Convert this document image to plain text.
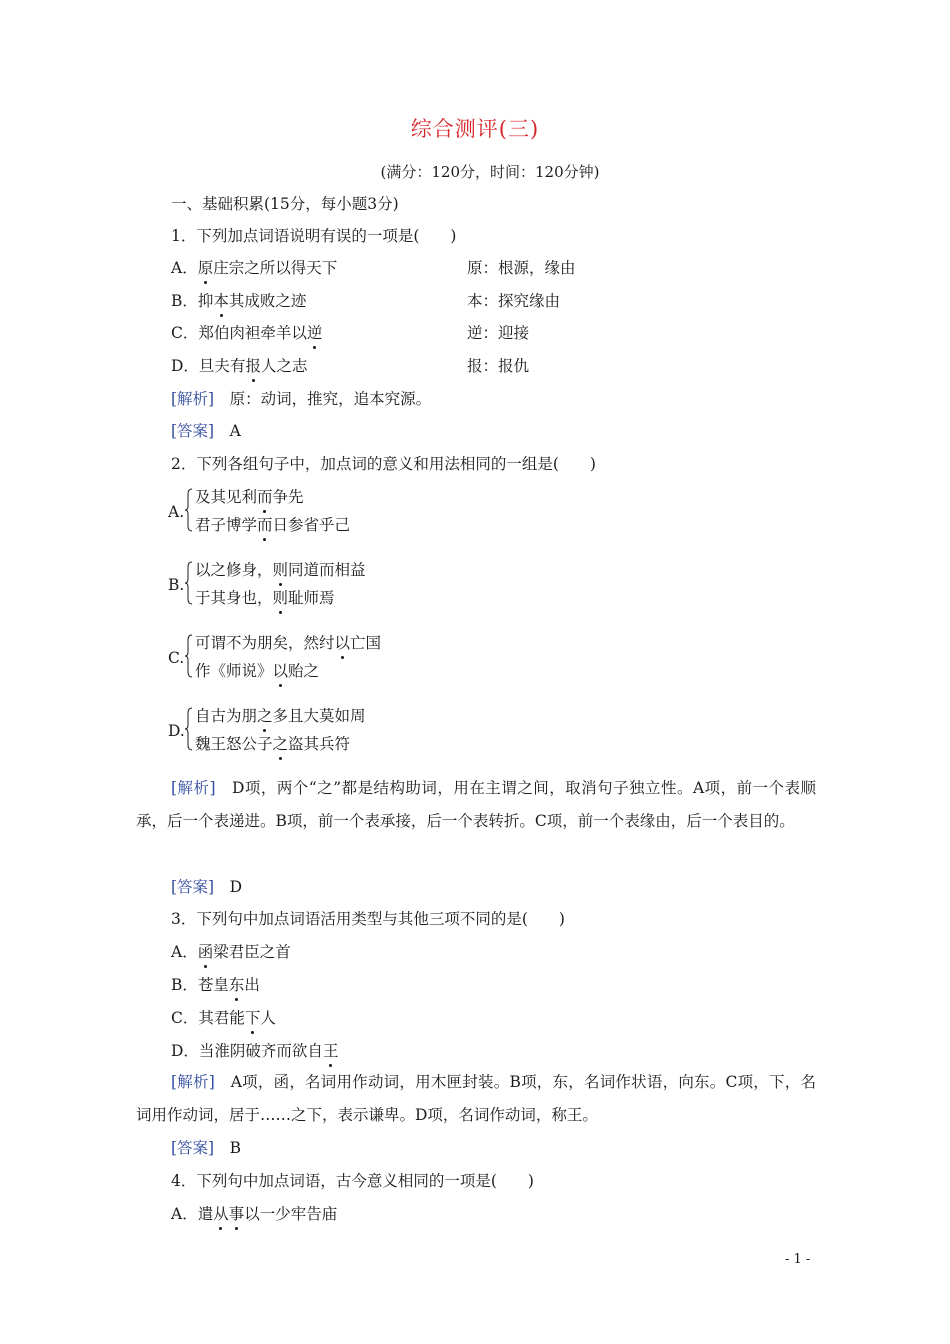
综合测评(三)
(满分：120分，时间：120分钟)
一、基础积累(15分，每小题3分)
1．下列加点词语说明有误的一项是(　　)
A．原庄宗之所以得天下	原：根源，缘由
B．抑本其成败之迹	本：探究缘由
C．郑伯肉袒牵羊以逆	逆：迎接
D．旦夫有报人之志	报：报仇
[解析]　 原：动词，推究，追本究源。
[答案]　 A
2．下列各组句子中，加点词的意义和用法相同的一组是(　　)
A.
及其见利而争先
君子博学而日参省乎己
B.
以之修身，则同道而相益
于其身也，则耻师焉
C.
可谓不为朋矣，然纣以亡国
作《师说》以贻之
D.
自古为朋之多且大莫如周
魏王怒公子之盗其兵符
[解析]　 D项，两个“之”都是结构助词，用在主谓之间，取消句子独立性。A项，前一个表顺承，后一个表递进。B项，前一个表承接，后一个表转折。C项，前一个表缘由，后一个表目的。
[答案]　 D
3．下列句中加点词语活用类型与其他三项不同的是(　　)
A．函梁君臣之首
B．苍皇东出
C．其君能下人
D．当淮阴破齐而欲自王
[解析]　 A项，函，名词用作动词，用木匣封装。B项，东，名词作状语，向东。C项，下，名词用作动词，居于……之下，表示谦卑。D项，名词作动词，称王。
[答案]　 B
4．下列句中加点词语，古今意义相同的一项是(　　)
A．遣从事以一少牢告庙
- 1 -
